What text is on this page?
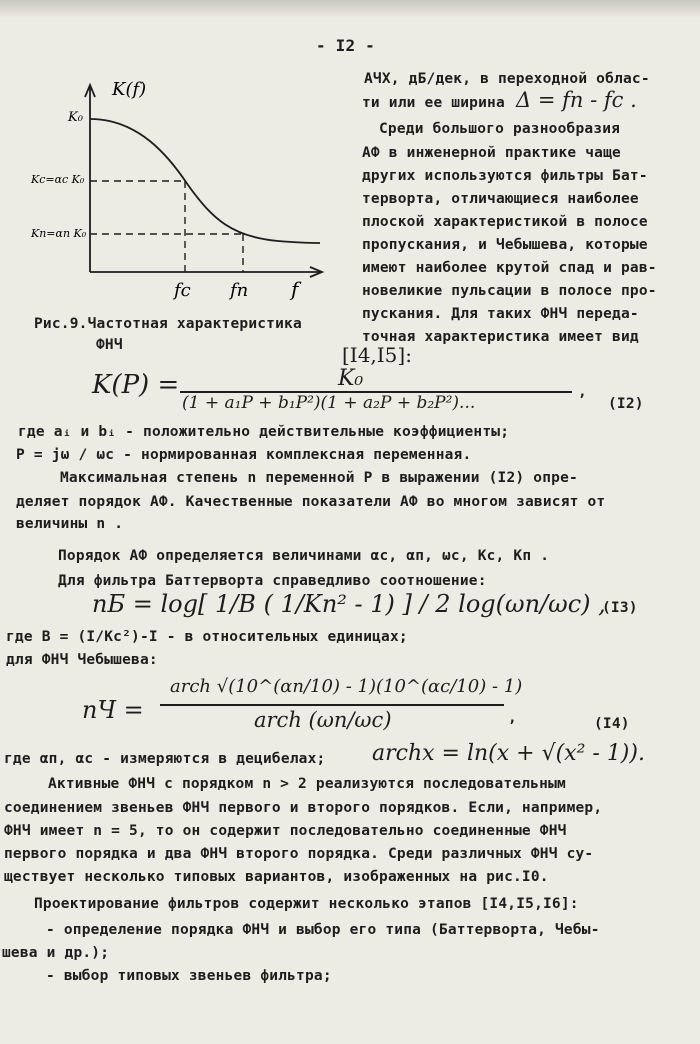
- I2 -
K(f)
K₀
Kc=αc K₀
Kп=αп K₀
fc fп f
Рис.9.Частотная характеристика
ФНЧ
АЧХ, дБ/дек, в переходной облас-
ти или ее ширина Δ = fп - fc .
Среди большого разнообразия
АФ в инженерной практике чаще
других используются фильтры Бат-
терворта, отличающиеся наиболее
плоской характеристикой в полосе
пропускания, и Чебышева, которые
имеют наиболее крутой спад и рав-
новеликие пульсации в полосе про-
пускания. Для таких ФНЧ переда-
точная характеристика имеет вид
[I4,I5]:
K(P) =	K₀
(1 + a₁P + b₁P²)(1 + a₂P + b₂P²)...
,
(I2)
где aᵢ и bᵢ - положительно действительные коэффициенты;
P = jω / ωc - нормированная комплексная переменная.
Максимальная степень n переменной P в выражении (I2) опре-
деляет порядок АФ. Качественные показатели АФ во многом зависят от
величины n .
Порядок АФ определяется величинами αc, αп, ωc, Kc, Kп .
Для фильтра Баттерворта справедливо соотношение:
nБ = log[ 1/B ( 1/Kп² - 1) ] / 2 log(ωп/ωc) ,
(I3)
где B = (I/Kc²)-I - в относительных единицах;
для ФНЧ Чебышева:
nЧ =
arch √(10^(αп/10) - 1)(10^(αc/10) - 1)
arch (ωп/ωc)	,	(I4)
где αп, αc - измеряются в децибелах; archx = ln(x + √(x² - 1)).
Активные ФНЧ с порядком n > 2 реализуются последовательным
соединением звеньев ФНЧ первого и второго порядков. Если, например,
ФНЧ имеет n = 5, то он содержит последовательно соединенные ФНЧ
первого порядка и два ФНЧ второго порядка. Среди различных ФНЧ су-
ществует несколько типовых вариантов, изображенных на рис.I0.
Проектирование фильтров содержит несколько этапов [I4,I5,I6]:
- определение порядка ФНЧ и выбор его типа (Баттерворта, Чебы-
шева и др.);
- выбор типовых звеньев фильтра;
